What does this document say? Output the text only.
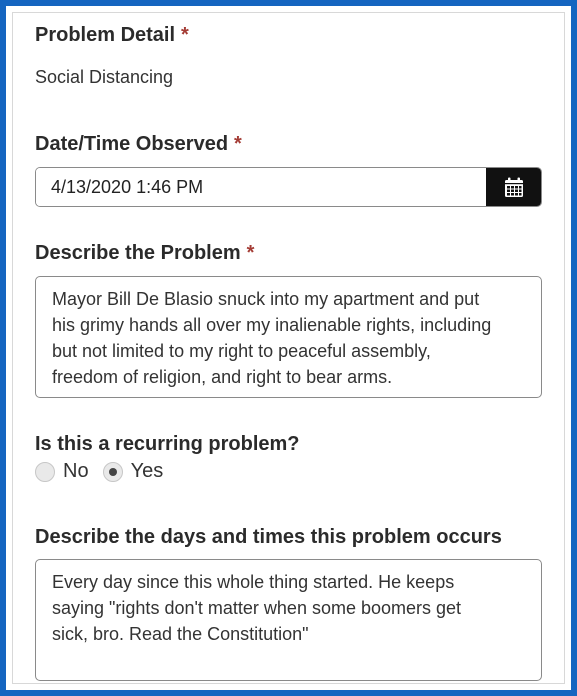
Problem Detail *
Social Distancing
Date/Time Observed *
4/13/2020 1:46 PM
Describe the Problem *
Mayor Bill De Blasio snuck into my apartment and put
his grimy hands all over my inalienable rights, including
but not limited to my right to peaceful assembly,
freedom of religion, and right to bear arms.
Is this a recurring problem?
No Yes
Describe the days and times this problem occurs
Every day since this whole thing started. He keeps
saying "rights don't matter when some boomers get
sick, bro. Read the Constitution"
